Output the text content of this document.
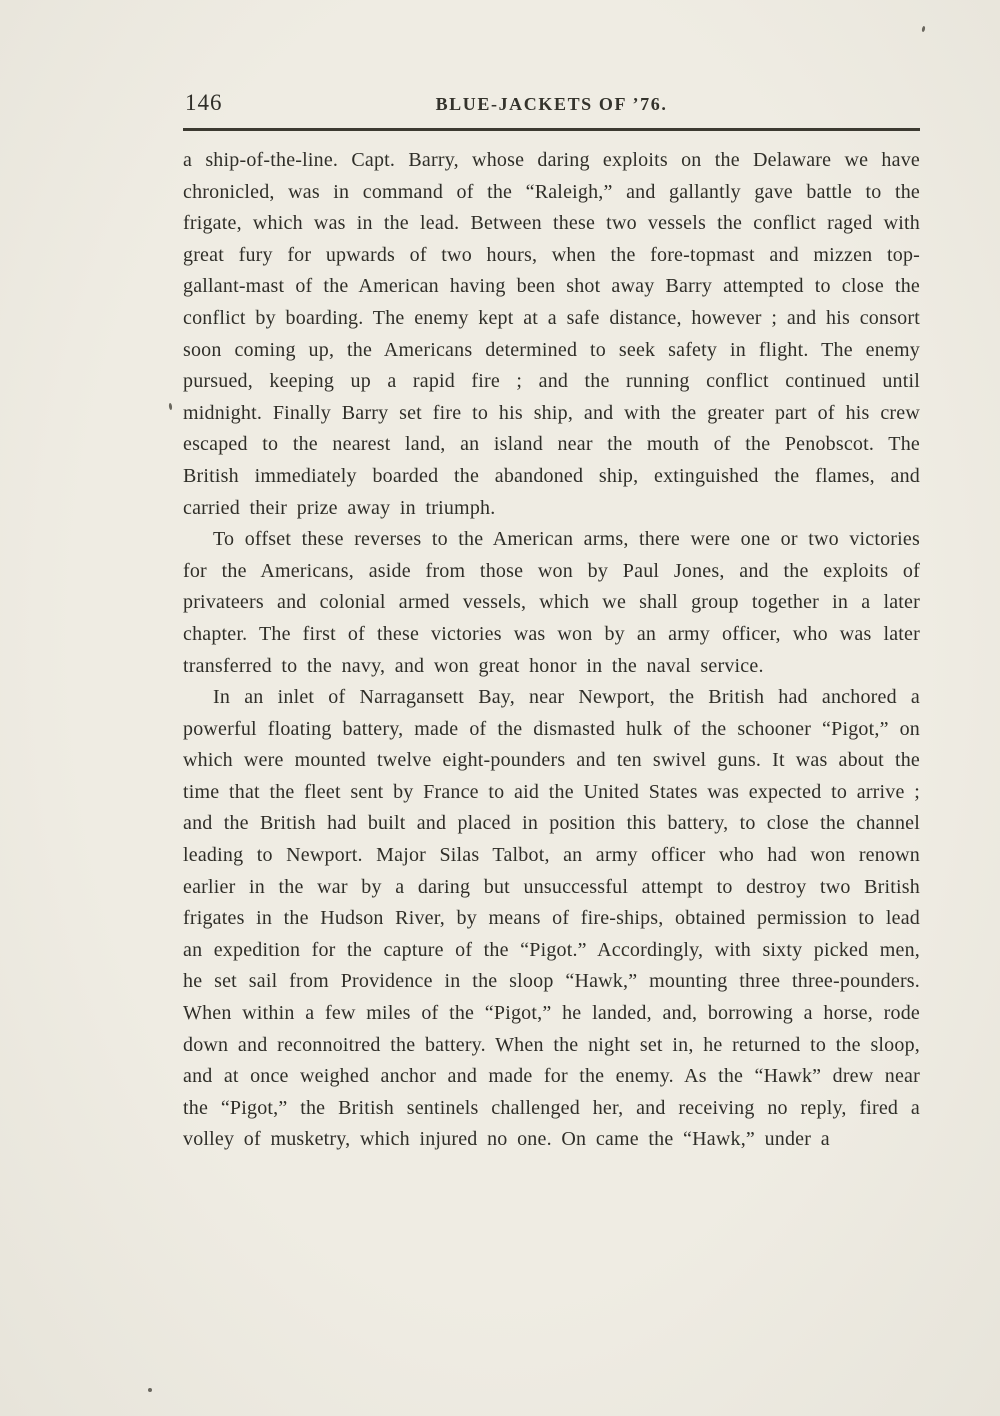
146	BLUE-JACKETS OF ’76.

a ship-of-the-line. Capt. Barry, whose daring exploits on the Delaware we have chronicled, was in command of the “Raleigh,” and gallantly gave battle to the frigate, which was in the lead. Between these two vessels the conflict raged with great fury for upwards of two hours, when the fore-topmast and mizzen top-gallant-mast of the American having been shot away Barry attempted to close the conflict by boarding. The enemy kept at a safe distance, however ; and his consort soon coming up, the Americans determined to seek safety in flight. The enemy pursued, keeping up a rapid fire ; and the running conflict continued until midnight. Finally Barry set fire to his ship, and with the greater part of his crew escaped to the nearest land, an island near the mouth of the Penobscot. The British immediately boarded the abandoned ship, extinguished the flames, and carried their prize away in triumph.

To offset these reverses to the American arms, there were one or two victories for the Americans, aside from those won by Paul Jones, and the exploits of privateers and colonial armed vessels, which we shall group together in a later chapter. The first of these victories was won by an army officer, who was later transferred to the navy, and won great honor in the naval service.

In an inlet of Narragansett Bay, near Newport, the British had anchored a powerful floating battery, made of the dismasted hulk of the schooner “Pigot,” on which were mounted twelve eight-pounders and ten swivel guns. It was about the time that the fleet sent by France to aid the United States was expected to arrive ; and the British had built and placed in position this battery, to close the channel leading to Newport. Major Silas Talbot, an army officer who had won renown earlier in the war by a daring but unsuccessful attempt to destroy two British frigates in the Hudson River, by means of fire-ships, obtained permission to lead an expedition for the capture of the “Pigot.” Accordingly, with sixty picked men, he set sail from Providence in the sloop “Hawk,” mounting three three-pounders. When within a few miles of the “Pigot,” he landed, and, borrowing a horse, rode down and reconnoitred the battery. When the night set in, he returned to the sloop, and at once weighed anchor and made for the enemy. As the “Hawk” drew near the “Pigot,” the British sentinels challenged her, and receiving no reply, fired a volley of musketry, which injured no one. On came the “Hawk,” under a
